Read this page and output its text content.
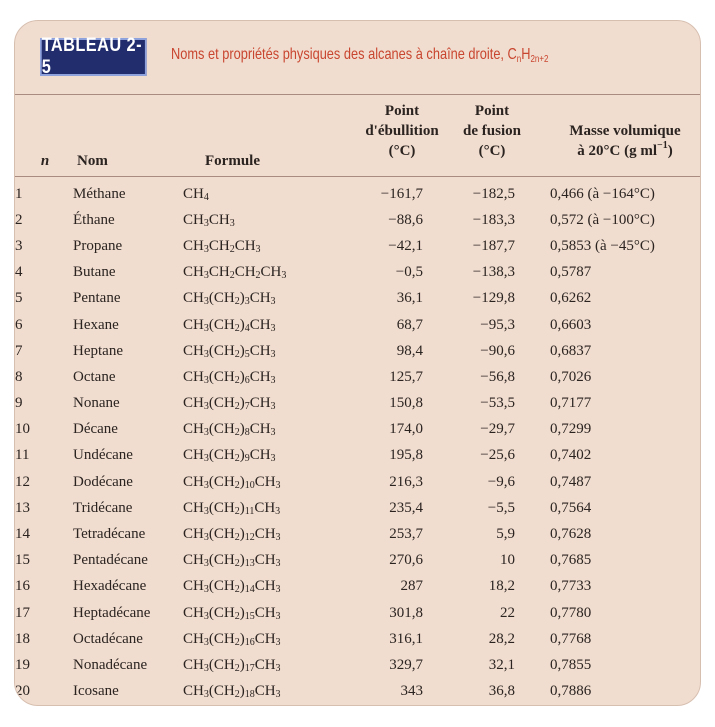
TABLEAU 2-5
Noms et propriétés physiques des alcanes à chaîne droite, $C_nH_{2n+2}$
n	Nom	Formule
Point
d'ébullition
(°C)
Point
de fusion
(°C)
Masse volumique
à 20°C (g $ml^{-1}$)
1	Méthane	$CH_4$	−161,7	−182,5		0,466 (à −164°C)
2	Éthane	$CH_3CH_3$	−88,6	−183,3		0,572 (à −100°C)
3	Propane	$CH_3CH_2CH_3$	−42,1	−187,7		0,5853 (à −45°C)
4	Butane	$CH_3CH_2CH_2CH_3$	−0,5	−138,3		0,5787
5	Pentane	$CH_3(CH_2)_3CH_3$	36,1	−129,8		0,6262
6	Hexane	$CH_3(CH_2)_4CH_3$	68,7	−95,3		0,6603
7	Heptane	$CH_3(CH_2)_5CH_3$	98,4	−90,6		0,6837
8	Octane	$CH_3(CH_2)_6CH_3$	125,7	−56,8		0,7026
9	Nonane	$CH_3(CH_2)_7CH_3$	150,8	−53,5		0,7177
10	Décane	$CH_3(CH_2)_8CH_3$	174,0	−29,7		0,7299
11	Undécane	$CH_3(CH_2)_9CH_3$	195,8	−25,6		0,7402
12	Dodécane	$CH_3(CH_2)_{10}CH_3$	216,3	−9,6		0,7487
13	Tridécane	$CH_3(CH_2)_{11}CH_3$	235,4	−5,5		0,7564
14	Tetradécane	$CH_3(CH_2)_{12}CH_3$	253,7	5,9		0,7628
15	Pentadécane	$CH_3(CH_2)_{13}CH_3$	270,6	10		0,7685
16	Hexadécane	$CH_3(CH_2)_{14}CH_3$	287	18,2		0,7733
17	Heptadécane	$CH_3(CH_2)_{15}CH_3$	301,8	22		0,7780
18	Octadécane	$CH_3(CH_2)_{16}CH_3$	316,1	28,2		0,7768
19	Nonadécane	$CH_3(CH_2)_{17}CH_3$	329,7	32,1		0,7855
20	Icosane	$CH_3(CH_2)_{18}CH_3$	343	36,8		0,7886
